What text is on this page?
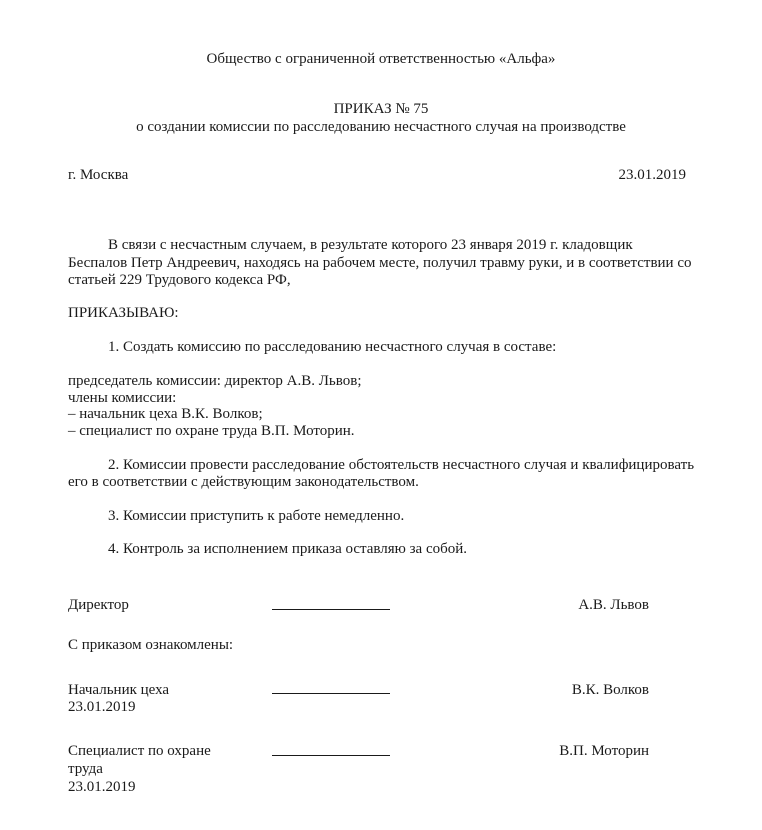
Общество с ограниченной ответственностью «Альфа»
ПРИКАЗ № 75
о создании комиссии по расследованию несчастного случая на производстве
г. Москва	23.01.2019
В связи с несчастным случаем, в результате которого 23 января 2019 г. кладовщик
Беспалов Петр Андреевич, находясь на рабочем месте, получил травму руки, и в соответствии со
статьей 229 Трудового кодекса РФ,
ПРИКАЗЫВАЮ:
1. Создать комиссию по расследованию несчастного случая в составе:
председатель комиссии: директор А.В. Львов;
члены комиссии:
– начальник цеха В.К. Волков;
– специалист по охране труда В.П. Моторин.
2. Комиссии провести расследование обстоятельств несчастного случая и квалифицировать
его в соответствии с действующим законодательством.
3. Комиссии приступить к работе немедленно.
4. Контроль за исполнением приказа оставляю за собой.
Директор	А.В. Львов
С приказом ознакомлены:
Начальник цеха
23.01.2019
В.К. Волков
Специалист по охране
труда
23.01.2019
В.П. Моторин
